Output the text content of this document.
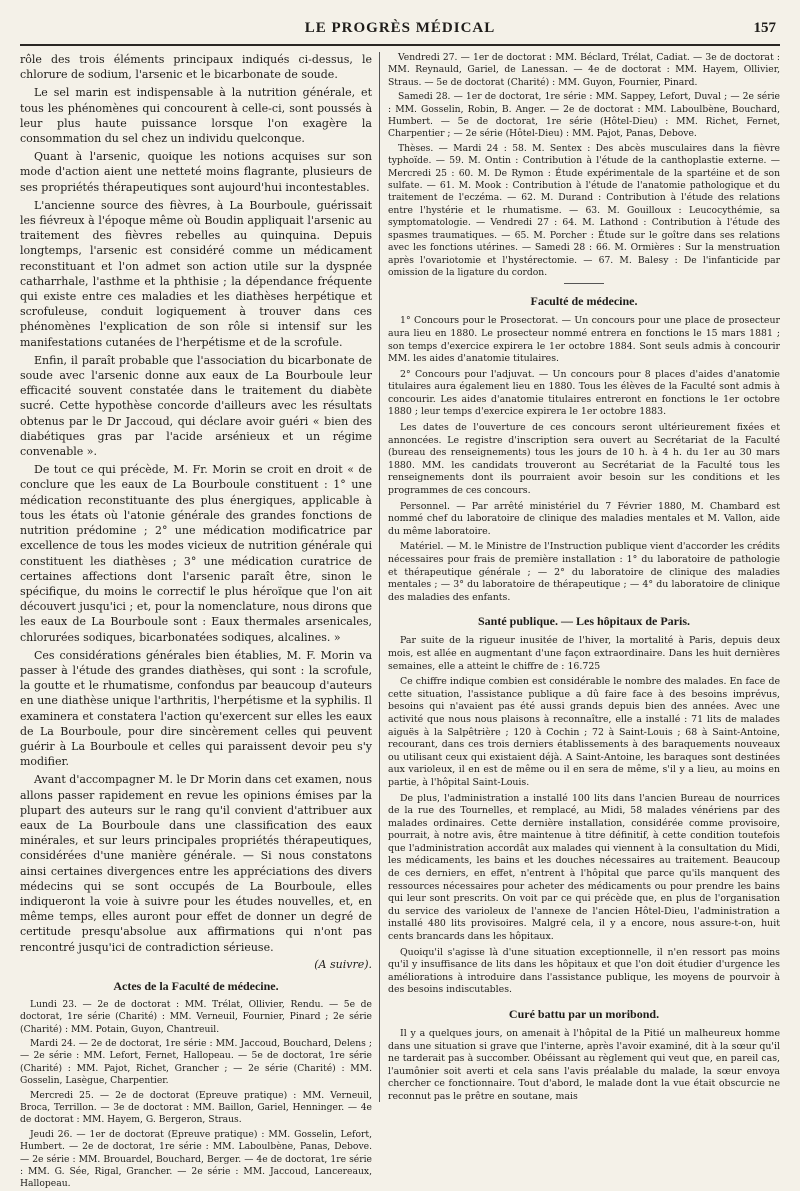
LE PROGRÈS MÉDICAL	157

rôle des trois éléments principaux indiqués ci-dessus, le chlorure de sodium, l'arsenic et le bicarbonate de soude.

Le sel marin est indispensable à la nutrition générale, et tous les phénomènes qui concourent à celle-ci, sont poussés à leur plus haute puissance lorsque l'on exagère la consommation du sel chez un individu quelconque.

Quant à l'arsenic, quoique les notions acquises sur son mode d'action aient une netteté moins flagrante, plusieurs de ses propriétés thérapeutiques sont aujourd'hui incontestables.

L'ancienne source des fièvres, à La Bourboule, guérissait les fiévreux à l'époque même où Boudin appliquait l'arsenic au traitement des fièvres rebelles au quinquina. Depuis longtemps, l'arsenic est considéré comme un médicament reconstituant et l'on admet son action utile sur la dyspnée catharrhale, l'asthme et la phthisie ; la dépendance fréquente qui existe entre ces maladies et les diathèses herpétique et scrofuleuse, conduit logiquement à trouver dans ces phénomènes l'explication de son rôle si intensif sur les manifestations cutanées de l'herpétisme et de la scrofule.

Enfin, il paraît probable que l'association du bicarbonate de soude avec l'arsenic donne aux eaux de La Bourboule leur efficacité souvent constatée dans le traitement du diabète sucré. Cette hypothèse concorde d'ailleurs avec les résultats obtenus par le Dr Jaccoud, qui déclare avoir guéri « bien des diabétiques gras par l'acide arsénieux et un régime convenable ».

De tout ce qui précède, M. Fr. Morin se croit en droit « de conclure que les eaux de La Bourboule constituent : 1° une médication reconstituante des plus énergiques, applicable à tous les états où l'atonie générale des grandes fonctions de nutrition prédomine ; 2° une médication modificatrice par excellence de tous les modes vicieux de nutrition générale qui constituent les diathèses ; 3° une médication curatrice de certaines affections dont l'arsenic paraît être, sinon le spécifique, du moins le correctif le plus héroïque que l'on ait découvert jusqu'ici ; et, pour la nomenclature, nous dirons que les eaux de La Bourboule sont : Eaux thermales arsenicales, chlorurées sodiques, bicarbonatées sodiques, alcalines. »

Ces considérations générales bien établies, M. F. Morin va passer à l'étude des grandes diathèses, qui sont : la scrofule, la goutte et le rhumatisme, confondus par beaucoup d'auteurs en une diathèse unique l'arthritis, l'herpétisme et la syphilis. Il examinera et constatera l'action qu'exercent sur elles les eaux de La Bourboule, pour dire sincèrement celles qui peuvent guérir à La Bourboule et celles qui paraissent devoir peu s'y modifier.

Avant d'accompagner M. le Dr Morin dans cet examen, nous allons passer rapidement en revue les opinions émises par la plupart des auteurs sur le rang qu'il convient d'attribuer aux eaux de La Bourboule dans une classification des eaux minérales, et sur leurs principales propriétés thérapeutiques, considérées d'une manière générale. — Si nous constatons ainsi certaines divergences entre les appréciations des divers médecins qui se sont occupés de La Bourboule, elles indiqueront la voie à suivre pour les études nouvelles, et, en même temps, elles auront pour effet de donner un degré de certitude presqu'absolue aux affirmations qui n'ont pas rencontré jusqu'ici de contradiction sérieuse.

(A suivre).
Actes de la Faculté de médecine.
Lundi 23. — 2e de doctorat : MM. Trélat, Ollivier, Rendu. — 5e de doctorat, 1re série (Charité) : MM. Verneuil, Fournier, Pinard ; 2e série (Charité) : MM. Potain, Guyon, Chantreuil.
Mardi 24. — 2e de doctorat, 1re série : MM. Jaccoud, Bouchard, Delens ; — 2e série : MM. Lefort, Fernet, Hallopeau. — 5e de doctorat, 1re série (Charité) : MM. Pajot, Richet, Grancher ; — 2e série (Charité) : MM. Gosselin, Lasègue, Charpentier.
Mercredi 25. — 2e de doctorat (Epreuve pratique) : MM. Verneuil, Broca, Terrillon. — 3e de doctorat : MM. Baillon, Gariel, Henninger. — 4e de doctorat : MM. Hayem, G. Bergeron, Straus.
Jeudi 26. — 1er de doctorat (Epreuve pratique) : MM. Gosselin, Lefort, Humbert. — 2e de doctorat, 1re série : MM. Laboulbène, Panas, Debove. — 2e série : MM. Brouardel, Bouchard, Berger. — 4e de doctorat, 1re série : MM. G. Sée, Rigal, Grancher. — 2e série : MM. Jaccoud, Lancereaux, Hallopeau.
Vendredi 27. — 1er de doctorat : MM. Béclard, Trélat, Cadiat. — 3e de doctorat : MM. Reynauld, Gariel, de Lanessan. — 4e de doctorat : MM. Hayem, Ollivier, Straus. — 5e de doctorat (Charité) : MM. Guyon, Fournier, Pinard.
Samedi 28. — 1er de doctorat, 1re série : MM. Sappey, Lefort, Duval ; — 2e série : MM. Gosselin, Robin, B. Anger. — 2e de doctorat : MM. Laboulbène, Bouchard, Humbert. — 5e de doctorat, 1re série (Hôtel-Dieu) : MM. Richet, Fernet, Charpentier ; — 2e série (Hôtel-Dieu) : MM. Pajot, Panas, Debove.
Thèses. — Mardi 24 : 58. M. Sentex : Des abcès musculaires dans la fièvre typhoïde. — 59. M. Ontin : Contribution à l'étude de la canthoplastie externe. — Mercredi 25 : 60. M. De Rymon : Étude expérimentale de la spartéine et de son sulfate. — 61. M. Mook : Contribution à l'étude de l'anatomie pathologique et du traitement de l'eczéma. — 62. M. Durand : Contribution à l'étude des relations entre l'hystérie et le rhumatisme. — 63. M. Gouilloux : Leucocythémie, sa symptomatologie. — Vendredi 27 : 64. M. Lathond : Contribution à l'étude des spasmes traumatiques. — 65. M. Porcher : Étude sur le goître dans ses relations avec les fonctions utérines. — Samedi 28 : 66. M. Ormières : Sur la menstruation après l'ovariotomie et l'hystérectomie. — 67. M. Balesy : De l'infanticide par omission de la ligature du cordon.
Faculté de médecine.

1° Concours pour le Prosectorat. — Un concours pour une place de prosecteur aura lieu en 1880. Le prosecteur nommé entrera en fonctions le 15 mars 1881 ; son temps d'exercice expirera le 1er octobre 1884. Sont seuls admis à concourir MM. les aides d'anatomie titulaires.

2° Concours pour l'adjuvat. — Un concours pour 8 places d'aides d'anatomie titulaires aura également lieu en 1880. Tous les élèves de la Faculté sont admis à concourir. Les aides d'anatomie titulaires entreront en fonctions le 1er octobre 1880 ; leur temps d'exercice expirera le 1er octobre 1883.

Les dates de l'ouverture de ces concours seront ultérieurement fixées et annoncées. Le registre d'inscription sera ouvert au Secrétariat de la Faculté (bureau des renseignements) tous les jours de 10 h. à 4 h. du 1er au 30 mars 1880. MM. les candidats trouveront au Secrétariat de la Faculté tous les renseignements dont ils pourraient avoir besoin sur les conditions et les programmes de ces concours.

Personnel. — Par arrêté ministériel du 7 Février 1880, M. Chambard est nommé chef du laboratoire de clinique des maladies mentales et M. Vallon, aide du même laboratoire.

Matériel. — M. le Ministre de l'Instruction publique vient d'accorder les crédits nécessaires pour frais de première installation : 1° du laboratoire de pathologie et thérapeutique générale ; — 2° du laboratoire de clinique des maladies mentales ; — 3° du laboratoire de thérapeutique ; — 4° du laboratoire de clinique des maladies des enfants.

Santé publique. — Les hôpitaux de Paris.

Par suite de la rigueur inusitée de l'hiver, la mortalité à Paris, depuis deux mois, est allée en augmentant d'une façon extraordinaire. Dans les huit dernières semaines, elle a atteint le chiffre de : 16.725

Ce chiffre indique combien est considérable le nombre des malades. En face de cette situation, l'assistance publique a dû faire face à des besoins imprévus, besoins qui n'avaient pas été aussi grands depuis bien des années. Avec une activité que nous nous plaisons à reconnaître, elle a installé : 71 lits de malades aiguës à la Salpêtrière ; 120 à Cochin ; 72 à Saint-Louis ; 68 à Saint-Antoine, recourant, dans ces trois derniers établissements à des baraquements nouveaux ou utilisant ceux qui existaient déjà. A Saint-Antoine, les baraques sont destinées aux varioleux, il en est de même ou il en sera de même, s'il y a lieu, au moins en partie, à l'hôpital Saint-Louis.

De plus, l'administration a installé 100 lits dans l'ancien Bureau de nourrices de la rue des Tournelles, et remplacé, au Midi, 58 malades vénériens par des malades ordinaires. Cette dernière installation, considérée comme provisoire, pourrait, à notre avis, être maintenue à titre définitif, à cette condition toutefois que l'administration accordât aux malades qui viennent à la consultation du Midi, les médicaments, les bains et les douches nécessaires au traitement. Beaucoup de ces derniers, en effet, n'entrent à l'hôpital que parce qu'ils manquent des ressources nécessaires pour acheter des médicaments ou pour prendre les bains qui leur sont prescrits. On voit par ce qui précède que, en plus de l'organisation du service des varioleux de l'annexe de l'ancien Hôtel-Dieu, l'administration a installé 480 lits provisoires. Malgré cela, il y a encore, nous assure-t-on, huit cents brancards dans les hôpitaux.

Quoiqu'il s'agisse là d'une situation exceptionnelle, il n'en ressort pas moins qu'il y insuffisance de lits dans les hôpitaux et que l'on doit étudier d'urgence les améliorations à introduire dans l'assistance publique, les moyens de pourvoir à des besoins indiscutables.

Curé battu par un moribond.

Il y a quelques jours, on amenait à l'hôpital de la Pitié un malheureux homme dans une situation si grave que l'interne, après l'avoir examiné, dit à la sœur qu'il ne tarderait pas à succomber. Obéissant au règlement qui veut que, en pareil cas, l'aumônier soit averti et cela sans l'avis préalable du malade, la sœur envoya chercher ce fonctionnaire. Tout d'abord, le malade dont la vue était obscurcie ne reconnut pas le prêtre en soutane, mais
